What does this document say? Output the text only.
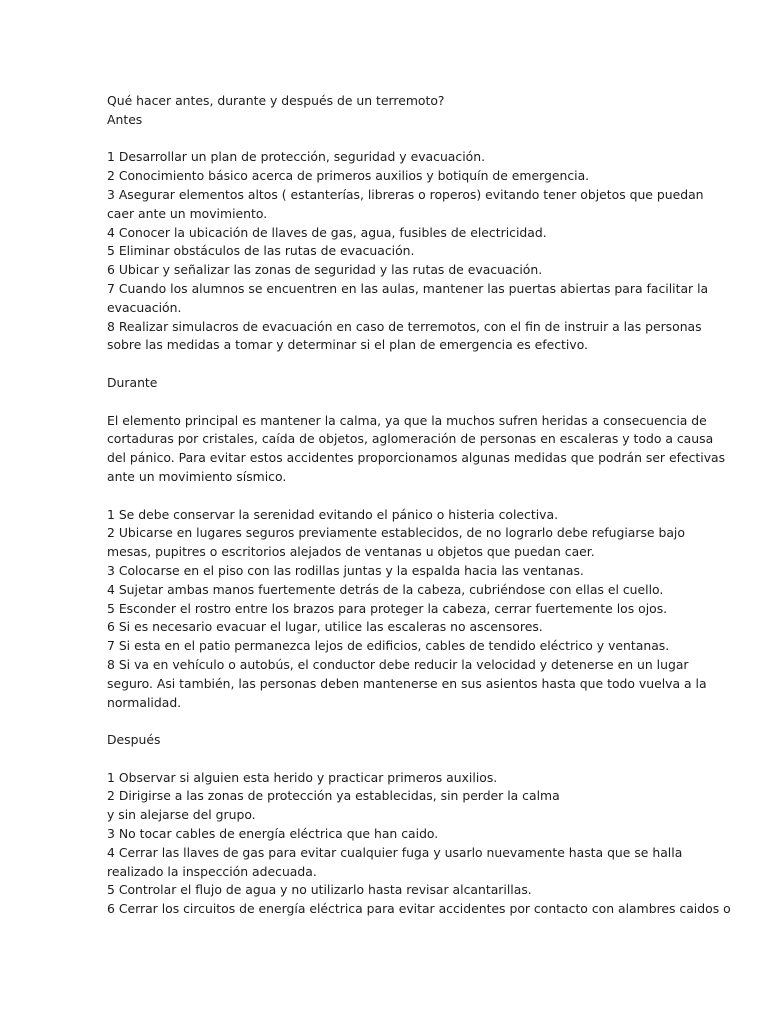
Qué hacer antes, durante y después de un terremoto?
Antes
1 Desarrollar un plan de protección, seguridad y evacuación.
2 Conocimiento básico acerca de primeros auxilios y botiquín de emergencia.
3 Asegurar elementos altos ( estanterías, libreras o roperos) evitando tener objetos que puedan
caer ante un movimiento.
4 Conocer la ubicación de llaves de gas, agua, fusibles de electricidad.
5 Eliminar obstáculos de las rutas de evacuación.
6 Ubicar y señalizar las zonas de seguridad y las rutas de evacuación.
7 Cuando los alumnos se encuentren en las aulas, mantener las puertas abiertas para facilitar la
evacuación.
8 Realizar simulacros de evacuación en caso de terremotos, con el fin de instruir a las personas
sobre las medidas a tomar y determinar si el plan de emergencia es efectivo.
Durante
El elemento principal es mantener la calma, ya que la muchos sufren heridas a consecuencia de
cortaduras por cristales, caída de objetos, aglomeración de personas en escaleras y todo a causa
del pánico. Para evitar estos accidentes proporcionamos algunas medidas que podrán ser efectivas
ante un movimiento sísmico.
1 Se debe conservar la serenidad evitando el pánico o histeria colectiva.
2 Ubicarse en lugares seguros previamente establecidos, de no lograrlo debe refugiarse bajo
mesas, pupitres o escritorios alejados de ventanas u objetos que puedan caer.
3 Colocarse en el piso con las rodillas juntas y la espalda hacia las ventanas.
4 Sujetar ambas manos fuertemente detrás de la cabeza, cubriéndose con ellas el cuello.
5 Esconder el rostro entre los brazos para proteger la cabeza, cerrar fuertemente los ojos.
6 Si es necesario evacuar el lugar, utilice las escaleras no ascensores.
7 Si esta en el patio permanezca lejos de edificios, cables de tendido eléctrico y ventanas.
8 Si va en vehículo o autobús, el conductor debe reducir la velocidad y detenerse en un lugar
seguro. Asi también, las personas deben mantenerse en sus asientos hasta que todo vuelva a la
normalidad.
Después
1 Observar si alguien esta herido y practicar primeros auxilios.
2 Dirigirse a las zonas de protección ya establecidas, sin perder la calma
y sin alejarse del grupo.
3 No tocar cables de energía eléctrica que han caido.
4 Cerrar las llaves de gas para evitar cualquier fuga y usarlo nuevamente hasta que se halla
realizado la inspección adecuada.
5 Controlar el flujo de agua y no utilizarlo hasta revisar alcantarillas.
6 Cerrar los circuitos de energía eléctrica para evitar accidentes por contacto con alambres caidos o
